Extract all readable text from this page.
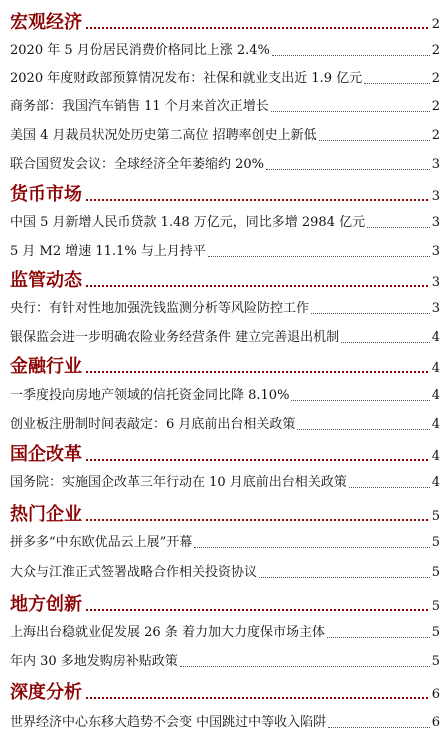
宏观经济	2
2020 年 5 月份居民消费价格同比上涨 2.4%	2
2020 年度财政部预算情况发布：社保和就业支出近 1.9 亿元	2
商务部：我国汽车销售 11 个月来首次正增长	2
美国 4 月裁员状况处历史第二高位 招聘率创史上新低	2
联合国贸发会议：全球经济全年萎缩约 20%	3
货币市场	3
中国 5 月新增人民币贷款 1.48 万亿元，同比多增 2984 亿元	3
5 月 M2 增速 11.1% 与上月持平	3
监管动态	3
央行：有针对性地加强洗钱监测分析等风险防控工作	3
银保监会进一步明确农险业务经营条件 建立完善退出机制	4
金融行业	4
一季度投向房地产领域的信托资金同比降 8.10%	4
创业板注册制时间表敲定：6 月底前出台相关政策	4
国企改革	4
国务院：实施国企改革三年行动在 10 月底前出台相关政策	4
热门企业	5
拼多多“中东欧优品云上展”开幕	5
大众与江淮正式签署战略合作相关投资协议	5
地方创新	5
上海出台稳就业促发展 26 条 着力加大力度保市场主体	5
年内 30 多地发购房补贴政策	5
深度分析	6
世界经济中心东移大趋势不会变 中国跳过中等收入陷阱	6
